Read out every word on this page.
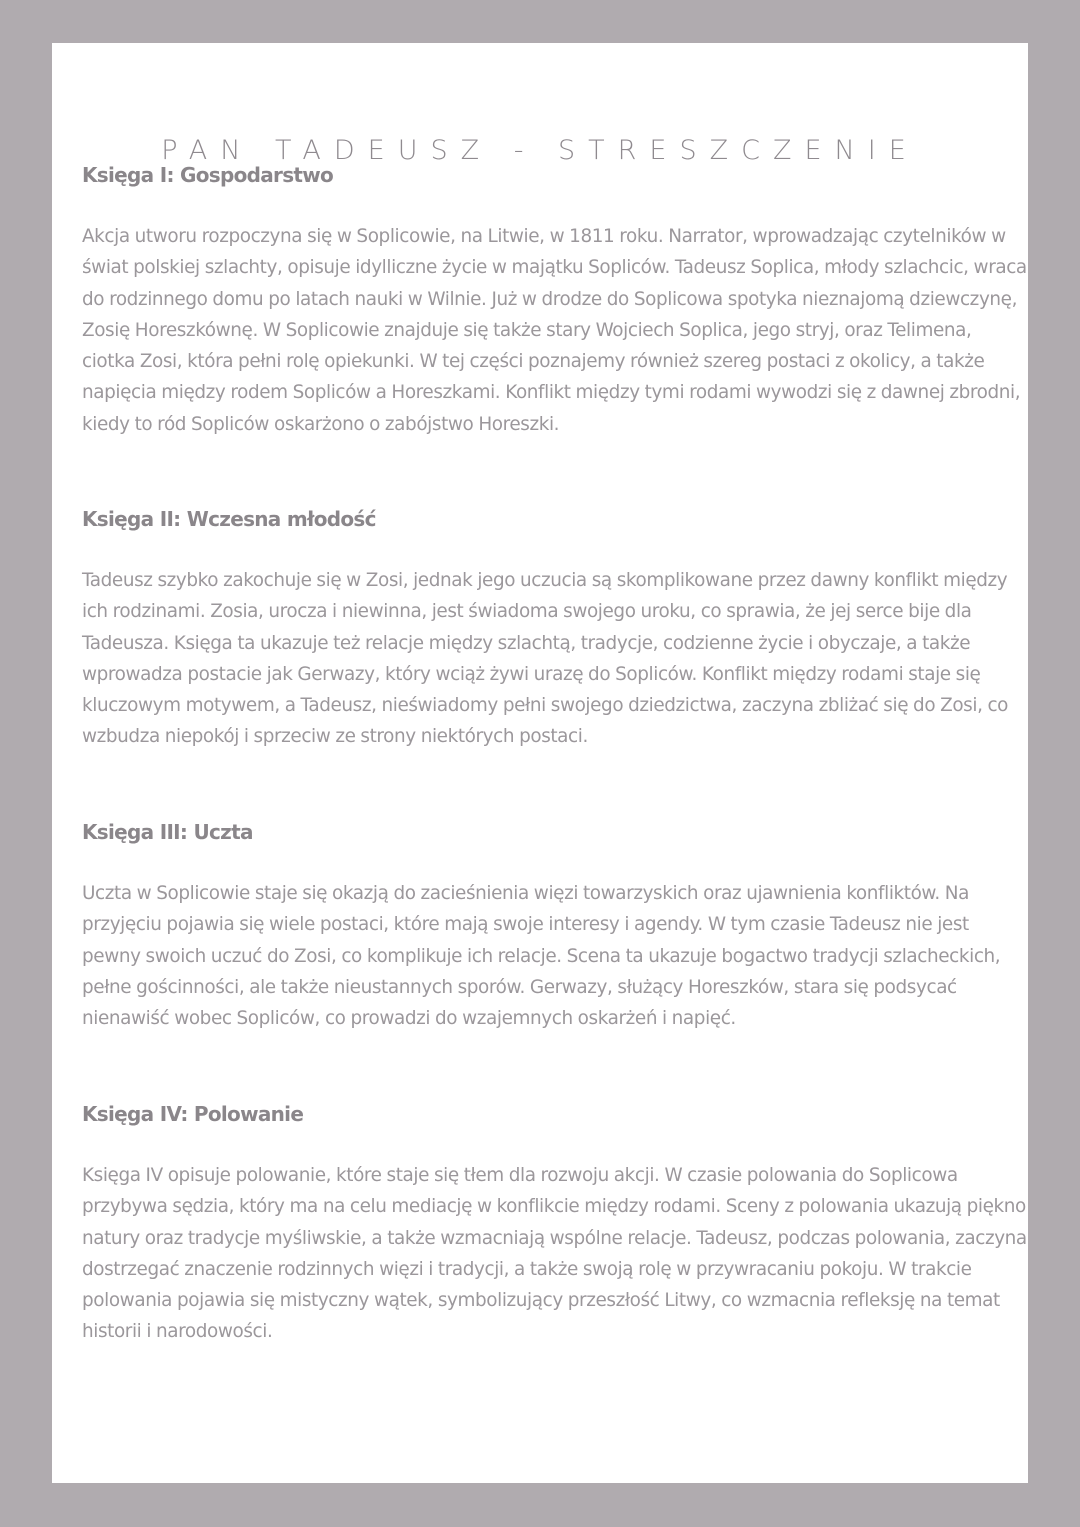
PAN TADEUSZ - STRESZCZENIE
Księga I: Gospodarstwo

Akcja utworu rozpoczyna się w Soplicowie, na Litwie, w 1811 roku. Narrator, wprowadzając czytelników w świat polskiej szlachty, opisuje idylliczne życie w majątku Sopliców. Tadeusz Soplica, młody szlachcic, wraca do rodzinnego domu po latach nauki w Wilnie. Już w drodze do Soplicowa spotyka nieznajomą dziewczynę, Zosię Horeszkównę. W Soplicowie znajduje się także stary Wojciech Soplica, jego stryj, oraz Telimena, ciotka Zosi, która pełni rolę opiekunki. W tej części poznajemy również szereg postaci z okolicy, a także napięcia między rodem Sopliców a Horeszkami. Konflikt między tymi rodami wywodzi się z dawnej zbrodni, kiedy to ród Sopliców oskarżono o zabójstwo Horeszki.

Księga II: Wczesna młodość

Tadeusz szybko zakochuje się w Zosi, jednak jego uczucia są skomplikowane przez dawny konflikt między ich rodzinami. Zosia, urocza i niewinna, jest świadoma swojego uroku, co sprawia, że jej serce bije dla Tadeusza. Księga ta ukazuje też relacje między szlachtą, tradycje, codzienne życie i obyczaje, a także wprowadza postacie jak Gerwazy, który wciąż żywi urazę do Sopliców. Konflikt między rodami staje się kluczowym motywem, a Tadeusz, nieświadomy pełni swojego dziedzictwa, zaczyna zbliżać się do Zosi, co wzbudza niepokój i sprzeciw ze strony niektórych postaci.

Księga III: Uczta

Uczta w Soplicowie staje się okazją do zacieśnienia więzi towarzyskich oraz ujawnienia konfliktów. Na przyjęciu pojawia się wiele postaci, które mają swoje interesy i agendy. W tym czasie Tadeusz nie jest pewny swoich uczuć do Zosi, co komplikuje ich relacje. Scena ta ukazuje bogactwo tradycji szlacheckich, pełne gościnności, ale także nieustannych sporów. Gerwazy, służący Horeszków, stara się podsycać nienawiść wobec Sopliców, co prowadzi do wzajemnych oskarżeń i napięć.

Księga IV: Polowanie

Księga IV opisuje polowanie, które staje się tłem dla rozwoju akcji. W czasie polowania do Soplicowa przybywa sędzia, który ma na celu mediację w konflikcie między rodami. Sceny z polowania ukazują piękno natury oraz tradycje myśliwskie, a także wzmacniają wspólne relacje. Tadeusz, podczas polowania, zaczyna dostrzegać znaczenie rodzinnych więzi i tradycji, a także swoją rolę w przywracaniu pokoju. W trakcie polowania pojawia się mistyczny wątek, symbolizujący przeszłość Litwy, co wzmacnia refleksję na temat historii i narodowości.
